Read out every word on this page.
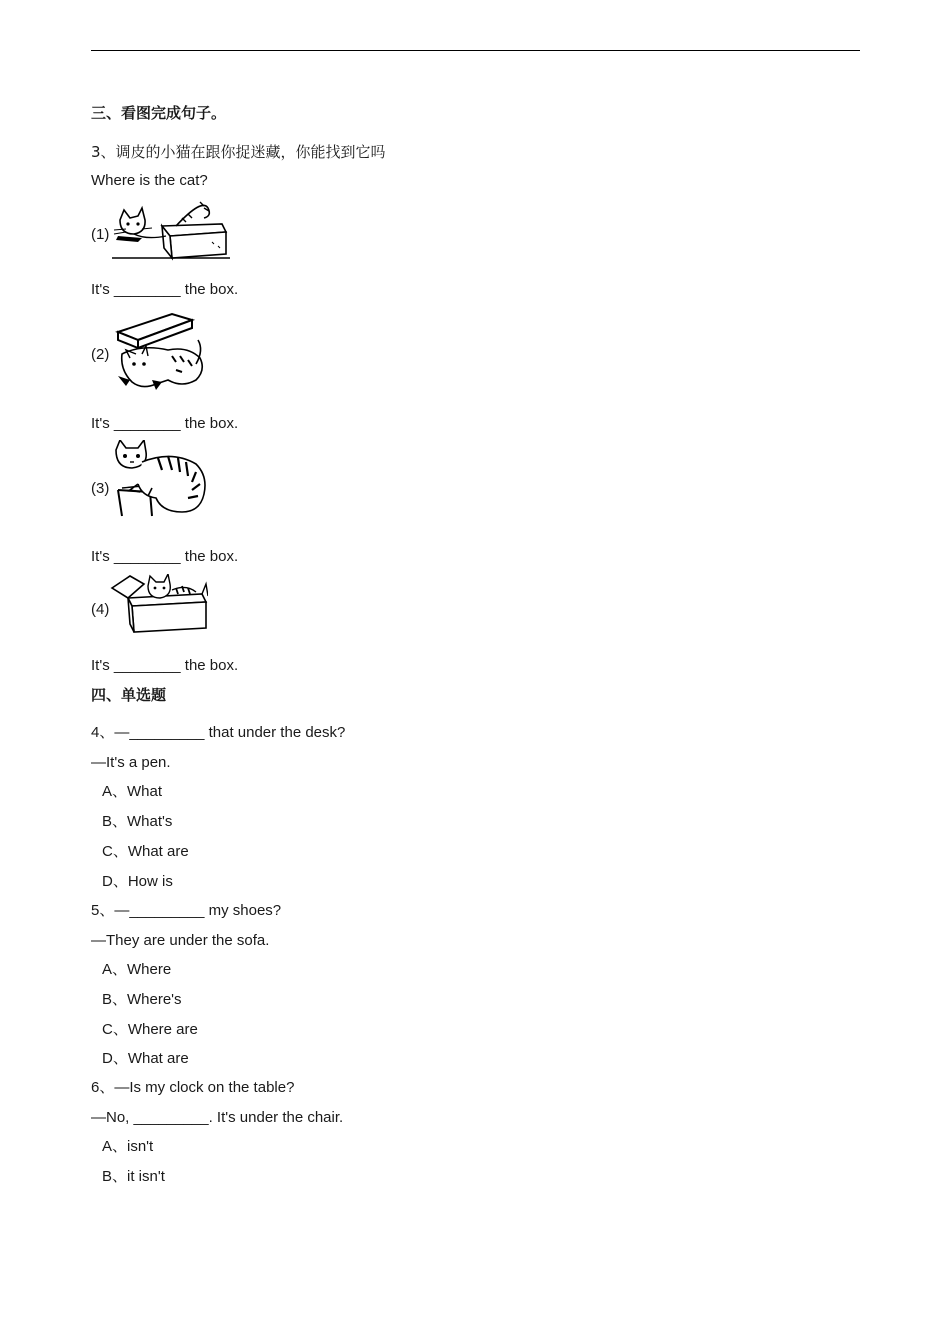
三、看图完成句子。
3、调皮的小猫在跟你捉迷藏，你能找到它吗
Where is the cat?
(1)
It's ________ the box.
(2)
It's ________ the box.
(3)
It's ________ the box.
(4)
It's ________ the box.
四、单选题
4、—_________ that under the desk?
—It's a pen.
A、What
B、What's
C、What are
D、How is
5、—_________ my shoes?
—They are under the sofa.
A、Where
B、Where's
C、Where are
D、What are
6、—Is my clock on the table?
—No, _________. It's under the chair.
A、isn't
B、it isn't
